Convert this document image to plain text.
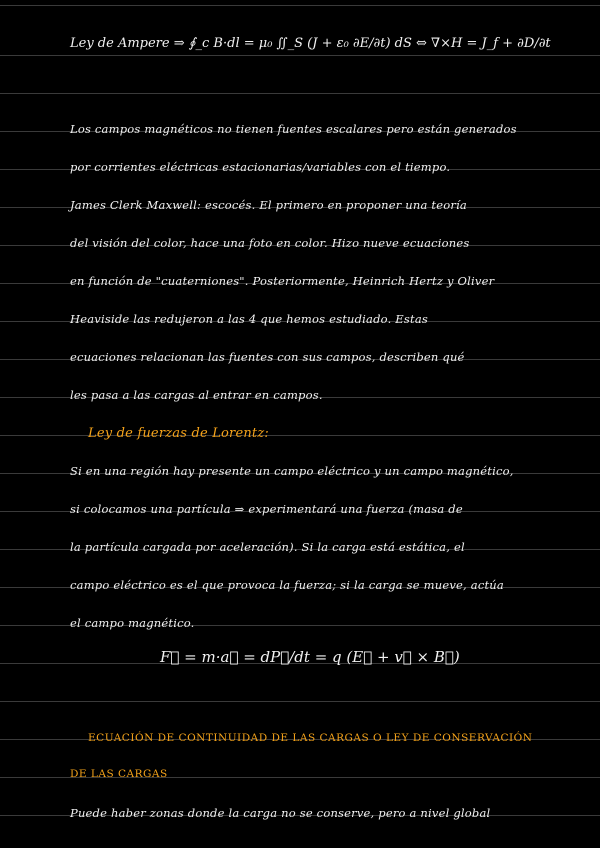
Ley de Ampere ⇒ ∮_c B·dl = μ₀ ∬_S (J + ε₀ ∂E/∂t) dS ⇔ ∇×H = J_f + ∂D/∂t
Los campos magnéticos no tienen fuentes escalares pero están generados
por corrientes eléctricas estacionarias/variables con el tiempo.
James Clerk Maxwell: escocés. El primero en proponer una teoría
del visión del color, hace una foto en color. Hizo nueve ecuaciones
en función de "cuaterniones". Posteriormente, Heinrich Hertz y Oliver
Heaviside las redujeron a las 4 que hemos estudiado. Estas
ecuaciones relacionan las fuentes con sus campos, describen qué
les pasa a las cargas al entrar en campos.
Ley de fuerzas de Lorentz:
Si en una región hay presente un campo eléctrico y un campo magnético,
si colocamos una partícula ⇒ experimentará una fuerza (masa de
la partícula cargada por aceleración). Si la carga está estática, el
campo eléctrico es el que provoca la fuerza; si la carga se mueve, actúa
el campo magnético.
F⃗ = m·a⃗ = dP⃗/dt = q (E⃗ + v⃗ × B⃗)
ECUACIÓN DE CONTINUIDAD DE LAS CARGAS O LEY DE CONSERVACIÓN
DE LAS CARGAS
Puede haber zonas donde la carga no se conserve, pero a nivel global
